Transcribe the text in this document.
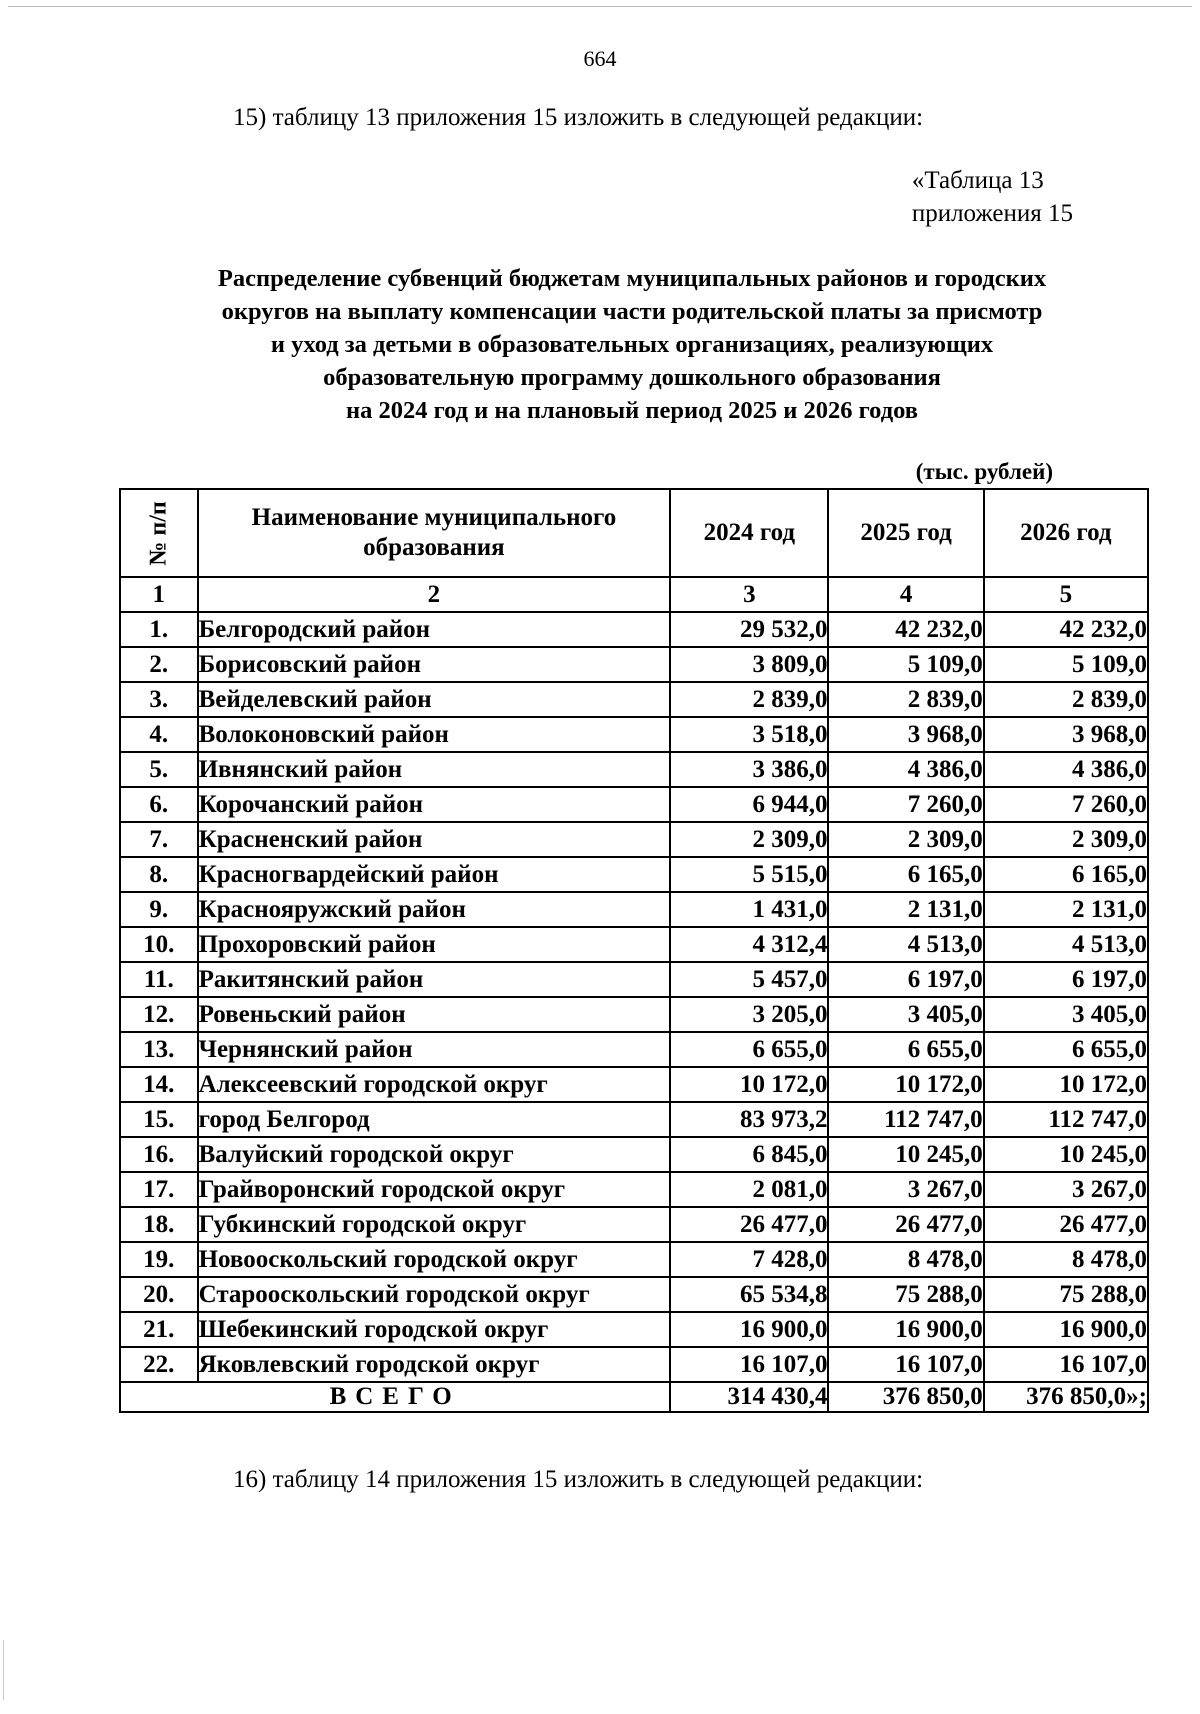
664
15) таблицу 13 приложения 15 изложить в следующей редакции:
«Таблица 13
приложения 15
Распределение субвенций бюджетам муниципальных районов и городских
округов на выплату компенсации части родительской платы за присмотр
и уход за детьми в образовательных организациях, реализующих
образовательную программу дошкольного образования
на 2024 год и на плановый период 2025 и 2026 годов
(тыс. рублей)
№ п/п	Наименование муниципального образования	2024 год	2025 год	2026 год
1	2	3	4	5
1.	Белгородский район	29 532,0	42 232,0	42 232,0
2.	Борисовский район	3 809,0	5 109,0	5 109,0
3.	Вейделевский район	2 839,0	2 839,0	2 839,0
4.	Волоконовский район	3 518,0	3 968,0	3 968,0
5.	Ивнянский район	3 386,0	4 386,0	4 386,0
6.	Корочанский район	6 944,0	7 260,0	7 260,0
7.	Красненский район	2 309,0	2 309,0	2 309,0
8.	Красногвардейский район	5 515,0	6 165,0	6 165,0
9.	Краснояружский район	1 431,0	2 131,0	2 131,0
10.	Прохоровский район	4 312,4	4 513,0	4 513,0
11.	Ракитянский район	5 457,0	6 197,0	6 197,0
12.	Ровеньский район	3 205,0	3 405,0	3 405,0
13.	Чернянский район	6 655,0	6 655,0	6 655,0
14.	Алексеевский городской округ	10 172,0	10 172,0	10 172,0
15.	город Белгород	83 973,2	112 747,0	112 747,0
16.	Валуйский городской округ	6 845,0	10 245,0	10 245,0
17.	Грайворонский городской округ	2 081,0	3 267,0	3 267,0
18.	Губкинский городской округ	26 477,0	26 477,0	26 477,0
19.	Новооскольский городской округ	7 428,0	8 478,0	8 478,0
20.	Старооскольский городской округ	65 534,8	75 288,0	75 288,0
21.	Шебекинский городской округ	16 900,0	16 900,0	16 900,0
22.	Яковлевский городской округ	16 107,0	16 107,0	16 107,0
ВСЕГО		314 430,4	376 850,0	376 850,0»;
16) таблицу 14 приложения 15 изложить в следующей редакции:
